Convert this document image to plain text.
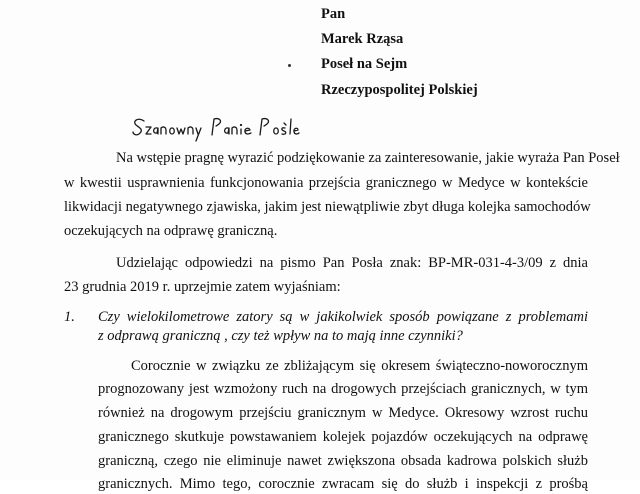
Pan
Marek Rząsa
Poseł na Sejm
Rzeczypospolitej Polskiej
Na wstępie pragnę wyrazić podziękowanie za zainteresowanie, jakie wyraża Pan Poseł
w kwestii usprawnienia funkcjonowania przejścia granicznego w Medyce w kontekście
likwidacji negatywnego zjawiska, jakim jest niewątpliwie zbyt długa kolejka samochodów
oczekujących na odprawę graniczną.
Udzielając odpowiedzi na pismo Pan Posła znak: BP-MR-031-4-3/09 z dnia
23 grudnia 2019 r. uprzejmie zatem wyjaśniam:
1. Czy wielokilometrowe zatory są w jakikolwiek sposób powiązane z problemami
z odprawą graniczną , czy też wpływ na to mają inne czynniki?
Corocznie w związku ze zbliżającym się okresem świąteczno-noworocznym
prognozowany jest wzmożony ruch na drogowych przejściach granicznych, w tym
również na drogowym przejściu granicznym w Medyce. Okresowy wzrost ruchu
granicznego skutkuje powstawaniem kolejek pojazdów oczekujących na odprawę
graniczną, czego nie eliminuje nawet zwiększona obsada kadrowa polskich służb
granicznych. Mimo tego, corocznie zwracam się do służb i inspekcji z prośbą
